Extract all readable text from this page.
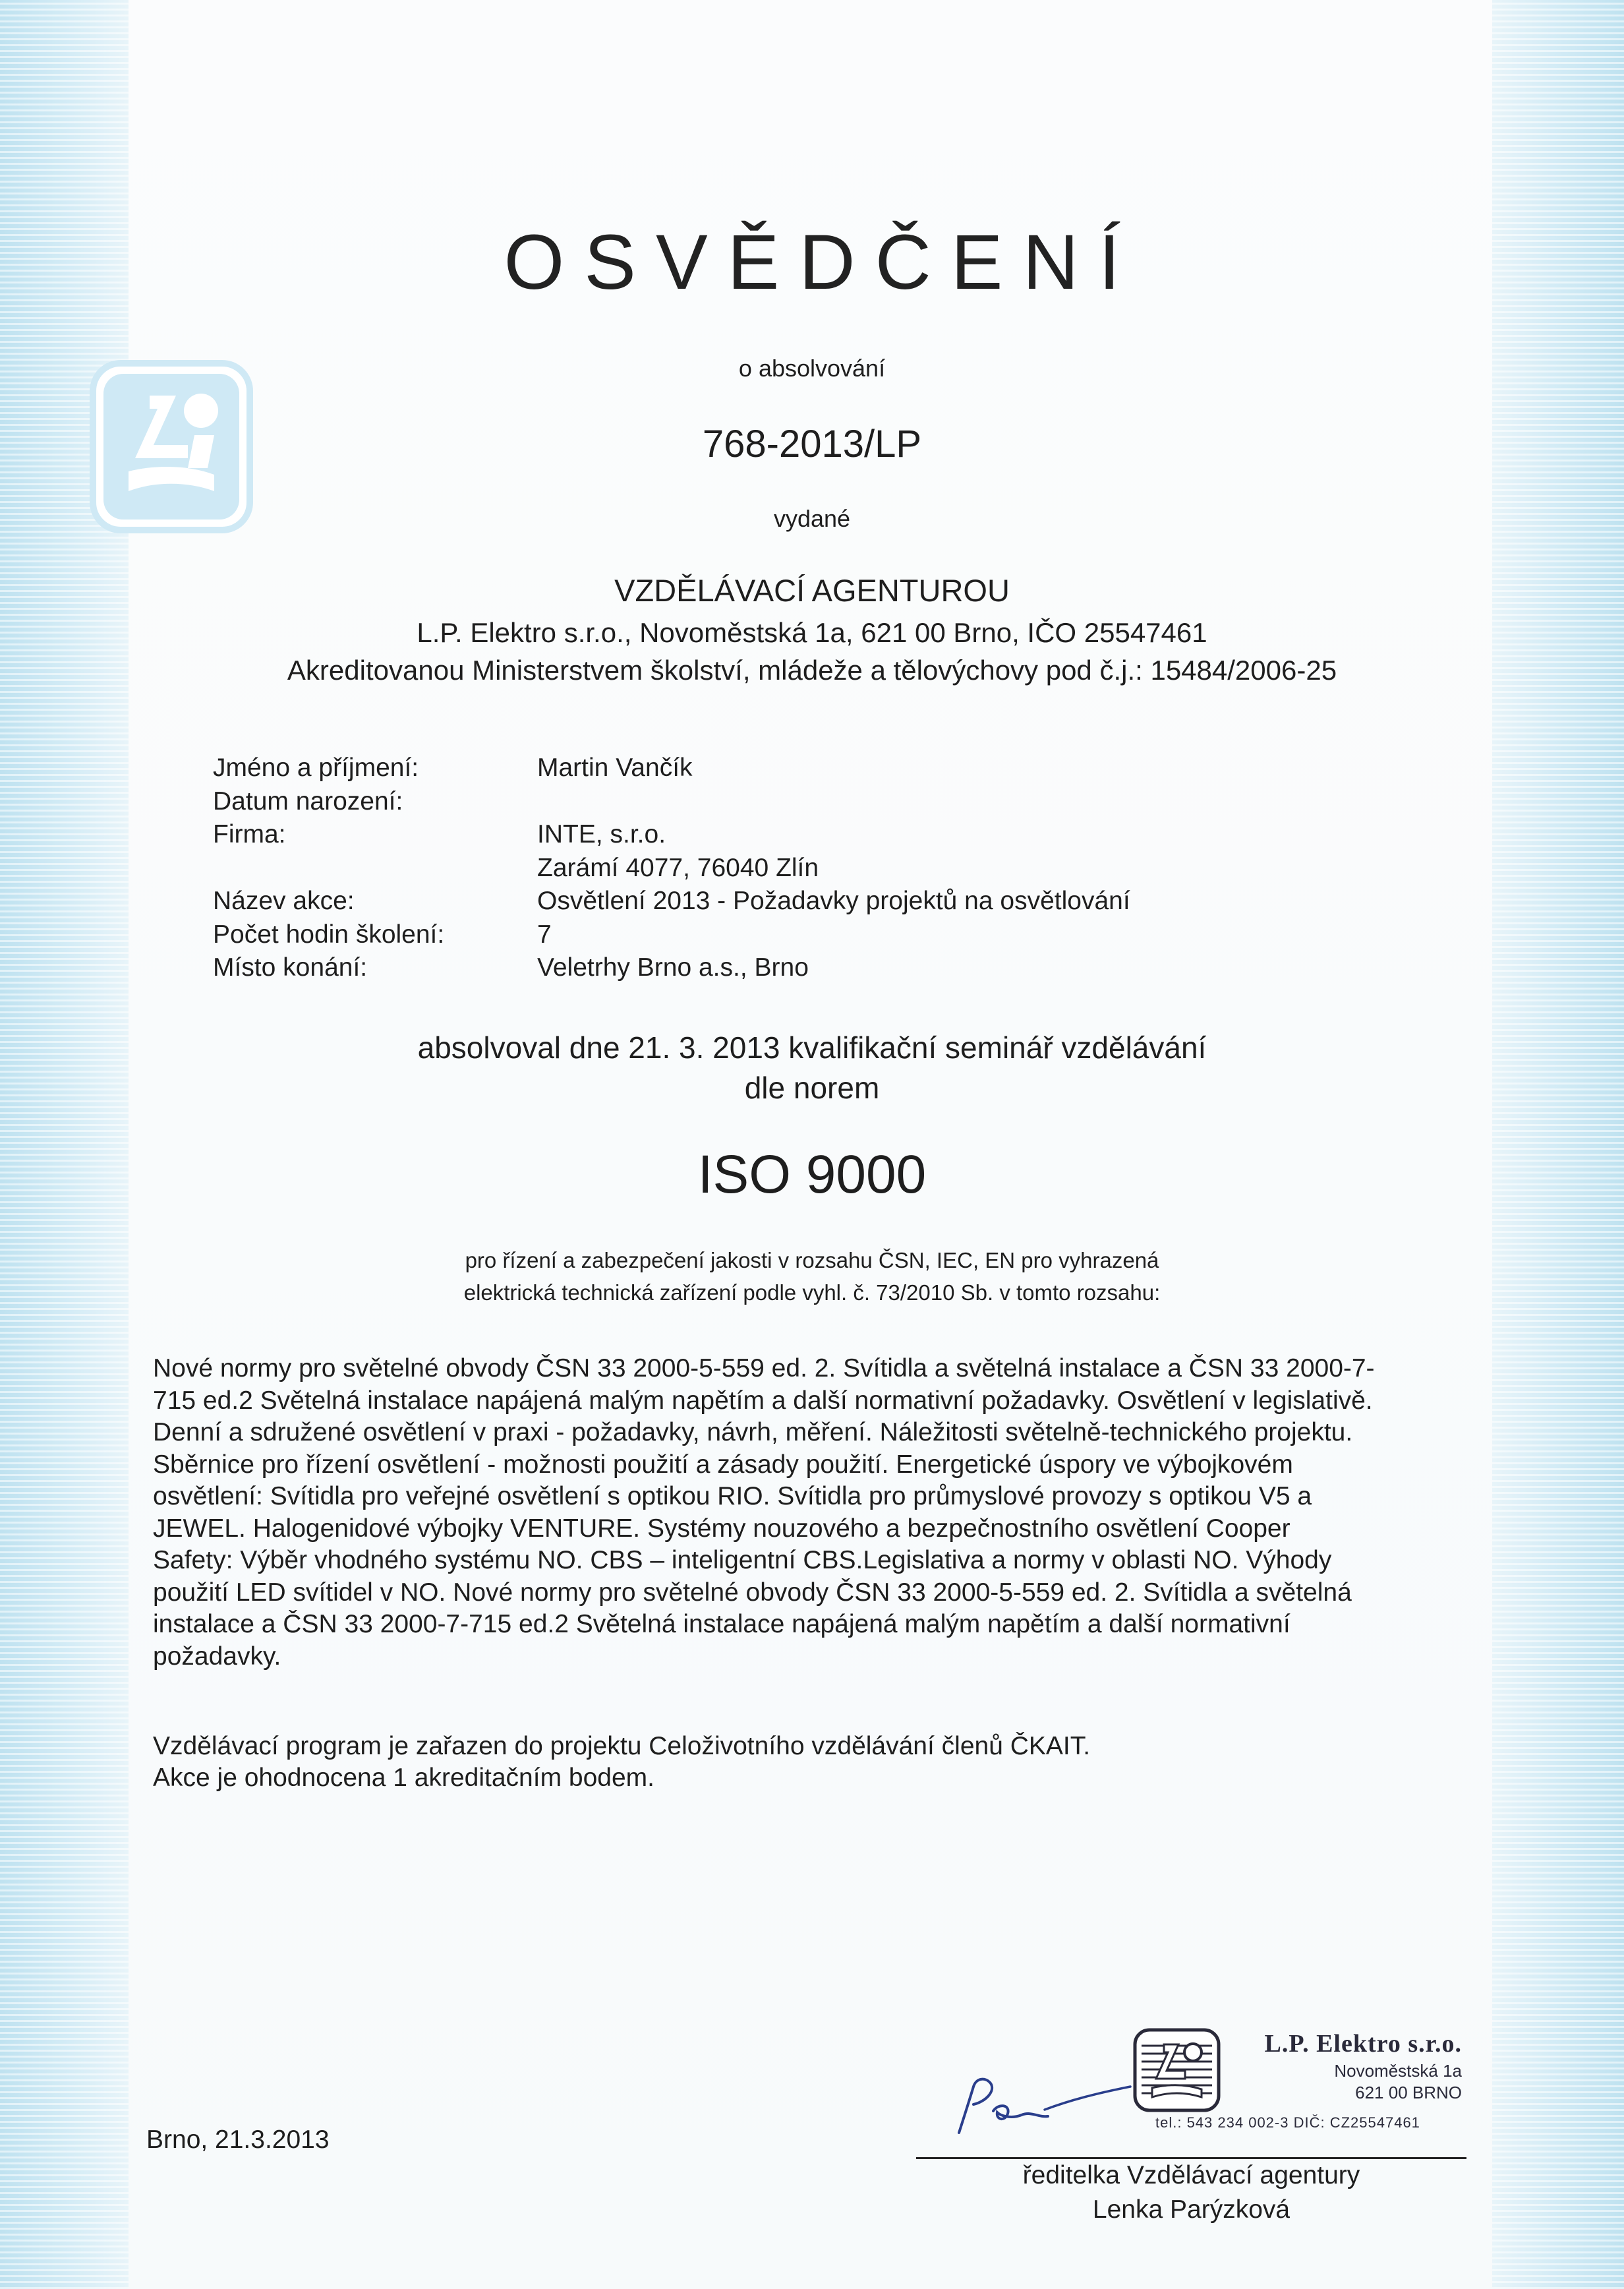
OSVĚDČENÍ
o absolvování
768-2013/LP
vydané
VZDĚLÁVACÍ AGENTUROU
L.P. Elektro s.r.o., Novoměstská 1a, 621 00 Brno, IČO 25547461
Akreditovanou Ministerstvem školství, mládeže a tělovýchovy pod č.j.: 15484/2006-25
Jméno a příjmení:	Martin Vančík
Datum narození:
Firma:	INTE, s.r.o.
Zarámí 4077, 76040 Zlín
Název akce:	Osvětlení 2013 - Požadavky projektů na osvětlování
Počet hodin školení:	7
Místo konání:	Veletrhy Brno a.s., Brno
absolvoval dne 21. 3. 2013 kvalifikační seminář vzdělávání
dle norem
ISO 9000
pro řízení a zabezpečení jakosti v rozsahu ČSN, IEC, EN pro vyhrazená
elektrická technická zařízení podle vyhl. č. 73/2010 Sb. v tomto rozsahu:
Nové normy pro světelné obvody ČSN 33 2000-5-559 ed. 2. Svítidla a světelná instalace a ČSN 33 2000-7-
715 ed.2 Světelná instalace napájená malým napětím a další normativní požadavky. Osvětlení v legislativě.
Denní a sdružené osvětlení v praxi - požadavky, návrh, měření. Náležitosti světelně-technického projektu.
Sběrnice pro řízení osvětlení - možnosti použití a zásady použití. Energetické úspory ve výbojkovém
osvětlení: Svítidla pro veřejné osvětlení s optikou RIO. Svítidla pro průmyslové provozy s optikou V5 a
JEWEL. Halogenidové výbojky VENTURE. Systémy nouzového a bezpečnostního osvětlení Cooper
Safety: Výběr vhodného systému NO. CBS – inteligentní CBS.Legislativa a normy v oblasti NO. Výhody
použití LED svítidel v NO. Nové normy pro světelné obvody ČSN 33 2000-5-559 ed. 2. Svítidla a světelná
instalace a ČSN 33 2000-7-715 ed.2 Světelná instalace napájená malým napětím a další normativní
požadavky.
Vzdělávací program je zařazen do projektu Celoživotního vzdělávání členů ČKAIT.
Akce je ohodnocena 1 akreditačním bodem.
Brno, 21.3.2013
L.P. Elektro s.r.o.
Novoměstská 1a
621 00 BRNO
tel.: 543 234 002-3 DIČ: CZ25547461
ředitelka Vzdělávací agentury
Lenka Parýzková
